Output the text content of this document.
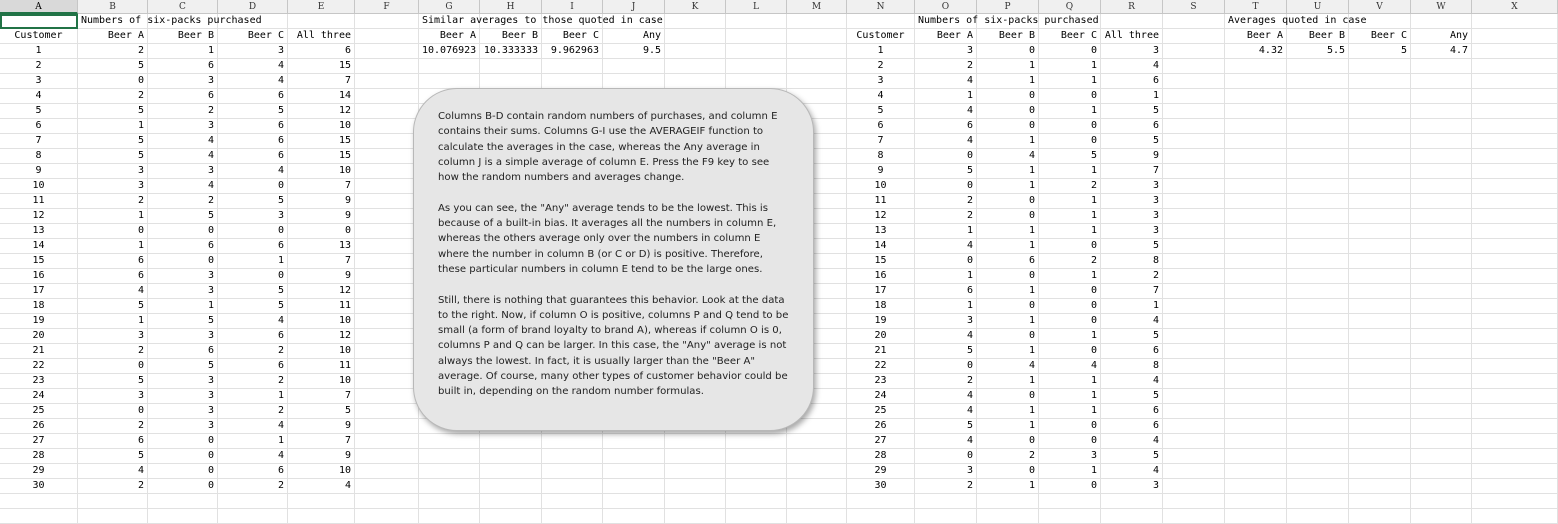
A	B	C	D	E	F	G	H	I	J	K	L	M	N	O	P	Q	R	S	T	U	V	W	X
Numbers of six-packs purchased
Customer	Beer A	Beer B	Beer C	All three
1	2	1	3	6
2	5	6	4	15
3	0	3	4	7
4	2	6	6	14
5	5	2	5	12
6	1	3	6	10
7	5	4	6	15
8	5	4	6	15
9	3	3	4	10
10	3	4	0	7
11	2	2	5	9
12	1	5	3	9
13	0	0	0	0
14	1	6	6	13
15	6	0	1	7
16	6	3	0	9
17	4	3	5	12
18	5	1	5	11
19	1	5	4	10
20	3	3	6	12
21	2	6	2	10
22	0	5	6	11
23	5	3	2	10
24	3	3	1	7
25	0	3	2	5
26	2	3	4	9
27	6	0	1	7
28	5	0	4	9
29	4	0	6	10
30	2	0	2	4
Similar averages to those quoted in case
Beer A	Beer B	Beer C	Any
10.076923 10.333333	9.962963	9.5
Numbers of six-packs purchased
Customer	Beer A	Beer B	Beer C All three
1	3	0	0	3
2	2	1	1	4
3	4	1	1	6
4	1	0	0	1
5	4	0	1	5
6	6	0	0	6
7	4	1	0	5
8	0	4	5	9
9	5	1	1	7
10	0	1	2	3
11	2	0	1	3
12	2	0	1	3
13	1	1	1	3
14	4	1	0	5
15	0	6	2	8
16	1	0	1	2
17	6	1	0	7
18	1	0	0	1
19	3	1	0	4
20	4	0	1	5
21	5	1	0	6
22	0	4	4	8
23	2	1	1	4
24	4	0	1	5
25	4	1	1	6
26	5	1	0	6
27	4	0	0	4
28	0	2	3	5
29	3	0	1	4
30	2	1	0	3
Averages quoted in case
Beer A	Beer B	Beer C	Any
4.32	5.5	5	4.7

Columns B-D contain random numbers of purchases, and column E contains their sums. Columns G-I use the AVERAGEIF function to calculate the averages in the case, whereas the Any average in column J is a simple average of column E. Press the F9 key to see how the random numbers and averages change.

As you can see, the "Any" average tends to be the lowest. This is because of a built-in bias. It averages all the numbers in column E, whereas the others average only over the numbers in column E where the number in column B (or C or D) is positive. Therefore, these particular numbers in column E tend to be the large ones.

Still, there is nothing that guarantees this behavior. Look at the data to the right. Now, if column O is positive, columns P and Q tend to be small (a form of brand loyalty to brand A), whereas if column O is 0, columns P and Q can be larger. In this case, the "Any" average is not always the lowest. In fact, it is usually larger than the "Beer A" average. Of course, many other types of customer behavior could be built in, depending on the random number formulas.
